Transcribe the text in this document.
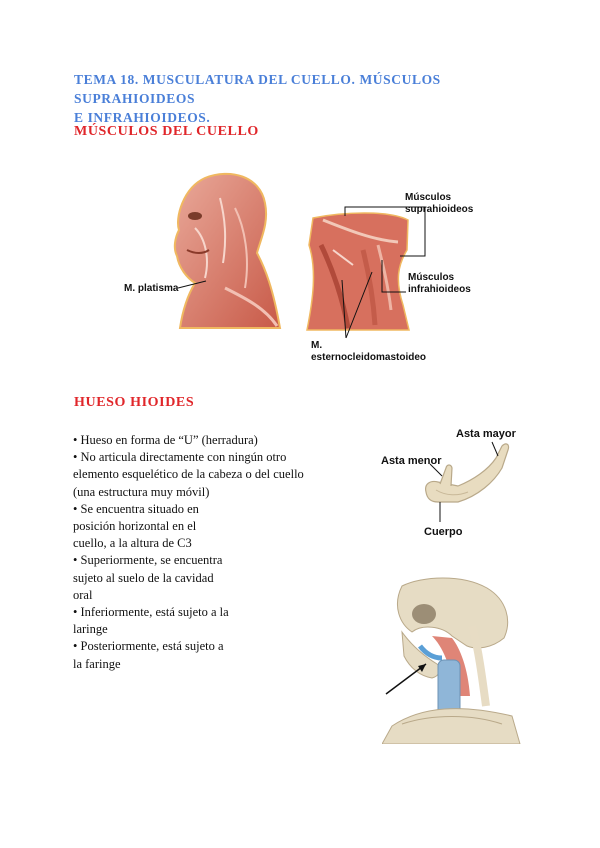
TEMA 18. MUSCULATURA DEL CUELLO. MÚSCULOS SUPRAHIOIDEOS
E INFRAHIOIDEOS.
MÚSCULOS DEL CUELLO
M. platisma
Músculos
suprahioideos
Músculos
infrahioideos
M.
esternocleidomastoideo
HUESO HIOIDES
• Hueso en forma de “U” (herradura)
• No articula directamente con ningún otro
elemento esquelético de la cabeza o del cuello
(una estructura muy móvil)
• Se encuentra situado en
posición horizontal en el
cuello, a la altura de C3
• Superiormente, se encuentra
sujeto al suelo de la cavidad
oral
• Inferiormente, está sujeto a la
laringe
• Posteriormente, está sujeto a
la faringe
Asta mayor
Asta menor
Cuerpo
